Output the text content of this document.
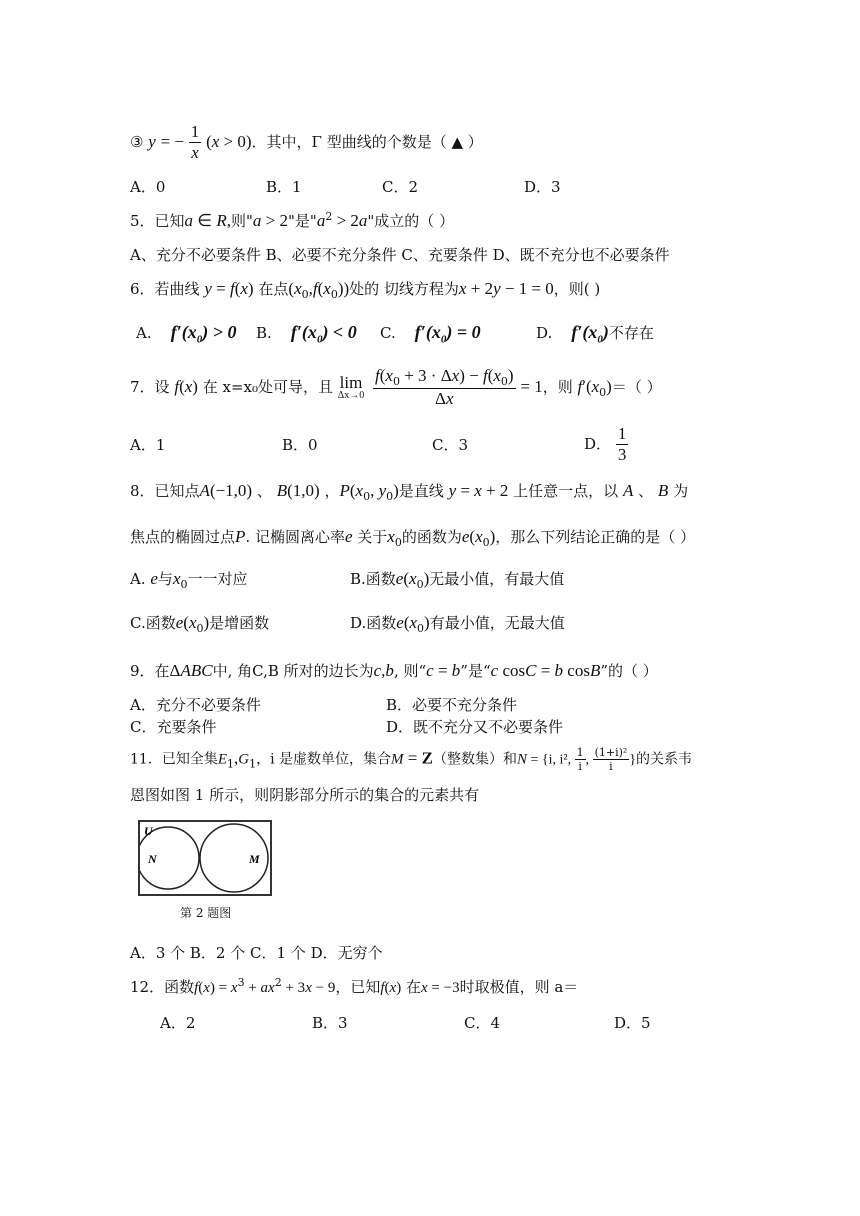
③ y = − $\frac{1}{x} (x > 0)$．其中，Γ 型曲线的个数是（ ▲ ）
A．0	B．1	C．2	D．3
5．已知a ∈ R,则"a > 2"是"$a^2 > 2a$"成立的（ ）
A、充分不必要条件 B、必要不充分条件 C、充要条件 D、既不充分也不必要条件
6．若曲线 y = f(x) 在点$(x_0,f(x_0))$处的 切线方程为x + 2y − 1 = 0，则( )
A. $f'(x_0) > 0$ B. $f'(x_0) < 0$ C. $f'(x_0) = 0$	D. $f'(x_0)$不存在
7．设 f(x) 在 x=x₀处可导，且 lim
Δx→0
$\frac{f(x_0 + 3 \cdot \Delta x) - f(x_0)}{\Delta x} = 1$，则 $f'(x_0)=$（ ）
A．1	B．0	C．3	D． $\frac{1}{3}$
8．已知点A(−1,0) 、 B(1,0) ，$P(x_0$, $y_0$)是直线 y = x + 2 上任意一点，以 A 、 B 为
焦点的椭圆过点P. 记椭圆离心率e 关于$x_0$的函数为$e(x_0)$，那么下列结论正确的是（ ）
A. e与$x_0$一一对应	B.函数$e(x_0)$无最小值，有最大值
C.函数$e(x_0)$是增函数	D.函数$e(x_0)$有最小值，无最大值
9．在ΔABC中, 角C,B 所对的边长为c,b, 则“c = b”是“c cosC = b cosB”的（ ）
A．充分不必要条件	B．必要不充分条件
C．充要条件	D．既不充分又不必要条件
11．已知全集$E_1,G_1$，i 是虚数单位，集合M = Z（整数集）和N = {i, i², $\frac{1}{i}$ , $\frac{\text{(1+i)²}}{i}$ }的关系韦
恩图如图 1 所示，则阴影部分所示的集合的元素共有
U
N	M
第 2 题图
A．3 个 B．2 个 C．1 个 D．无穷个
12．函数$f(x) = x^3 + ax^2 + 3x - 9$，已知f(x) 在x = −3时取极值，则 a＝
A．2	B．3	C．4	D．5
